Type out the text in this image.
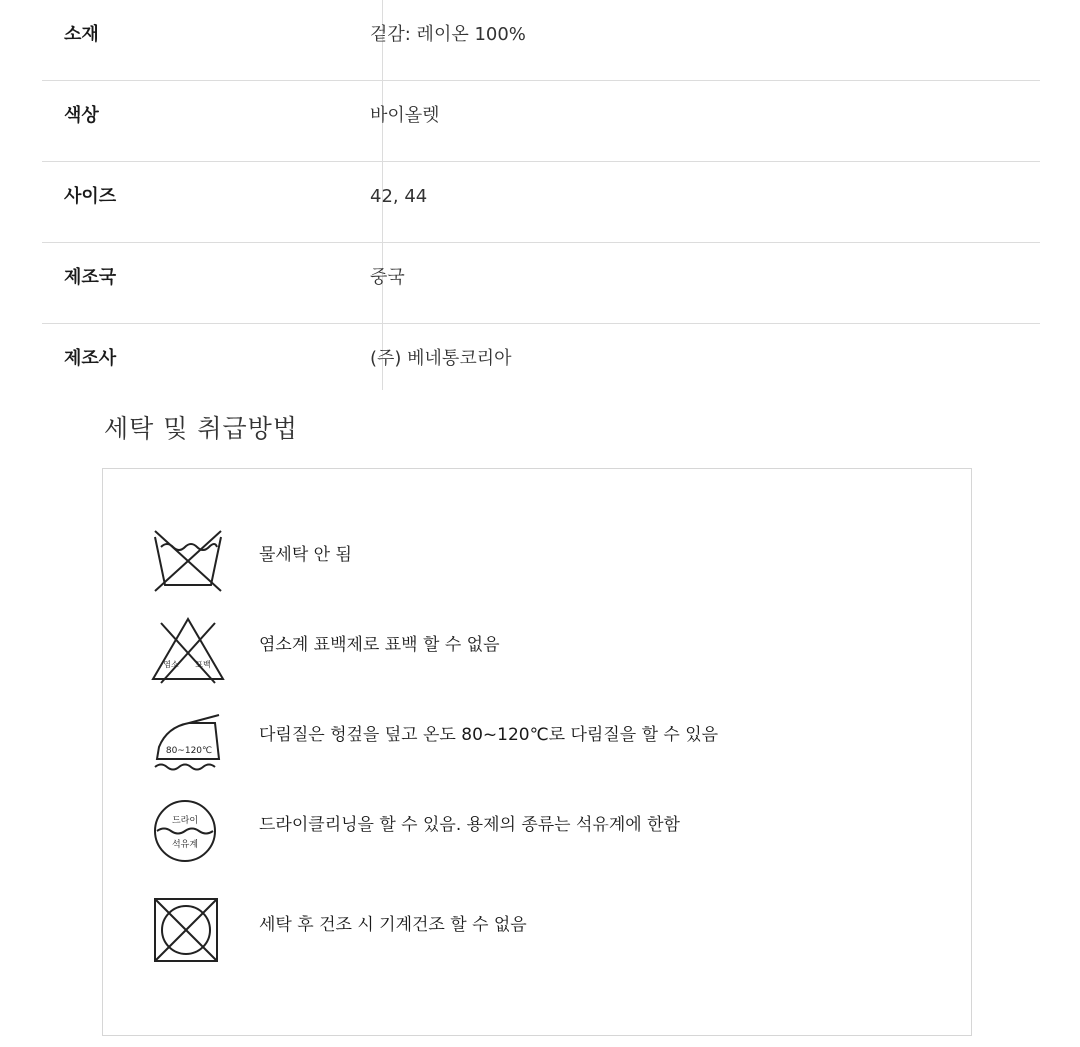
소재	겉감: 레이온 100%
색상	바이올렛
사이즈	42, 44
제조국	중국
제조사	(주) 베네통코리아
세탁 및 취급방법
물세탁 안 됨
염소 표백
염소계 표백제로 표백 할 수 없음
80~120℃
다림질은 헝겊을 덮고 온도 80~120℃로 다림질을 할 수 있음
드라이
석유계
드라이클리닝을 할 수 있음. 용제의 종류는 석유계에 한함
세탁 후 건조 시 기계건조 할 수 없음
